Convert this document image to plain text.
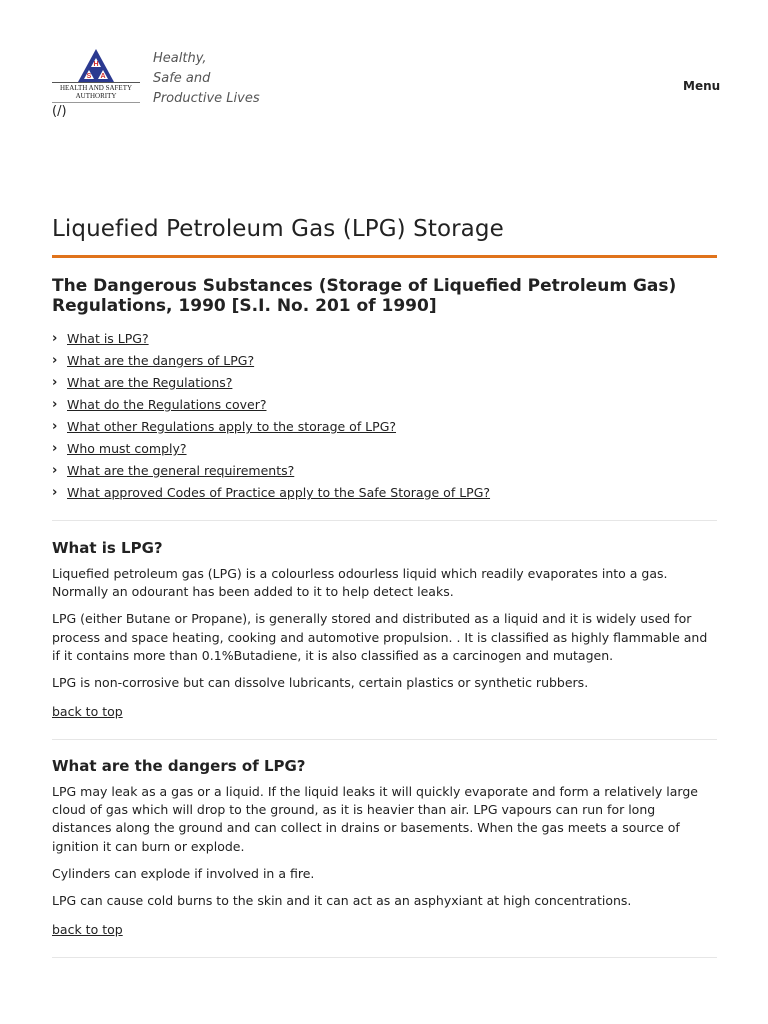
H
S A
HEALTH AND SAFETY
AUTHORITY
(/)
Healthy,
Safe and
Productive Lives
Menu
Liquefied Petroleum Gas (LPG) Storage
The Dangerous Substances (Storage of Liquefied Petroleum Gas) Regulations, 1990 [S.I. No. 201 of 1990]
› What is LPG?
› What are the dangers of LPG?
› What are the Regulations?
› What do the Regulations cover?
› What other Regulations apply to the storage of LPG?
› Who must comply?
› What are the general requirements?
› What approved Codes of Practice apply to the Safe Storage of LPG?
What is LPG?

Liquefied petroleum gas (LPG) is a colourless odourless liquid which readily evaporates into a gas. Normally an odourant has been added to it to help detect leaks.

LPG (either Butane or Propane), is generally stored and distributed as a liquid and it is widely used for process and space heating, cooking and automotive propulsion. . It is classified as highly flammable and if it contains more than 0.1%Butadiene, it is also classified as a carcinogen and mutagen.

LPG is non-corrosive but can dissolve lubricants, certain plastics or synthetic rubbers.

back to top
What are the dangers of LPG?

LPG may leak as a gas or a liquid. If the liquid leaks it will quickly evaporate and form a relatively large cloud of gas which will drop to the ground, as it is heavier than air. LPG vapours can run for long distances along the ground and can collect in drains or basements. When the gas meets a source of ignition it can burn or explode.

Cylinders can explode if involved in a fire.

LPG can cause cold burns to the skin and it can act as an asphyxiant at high concentrations.

back to top
